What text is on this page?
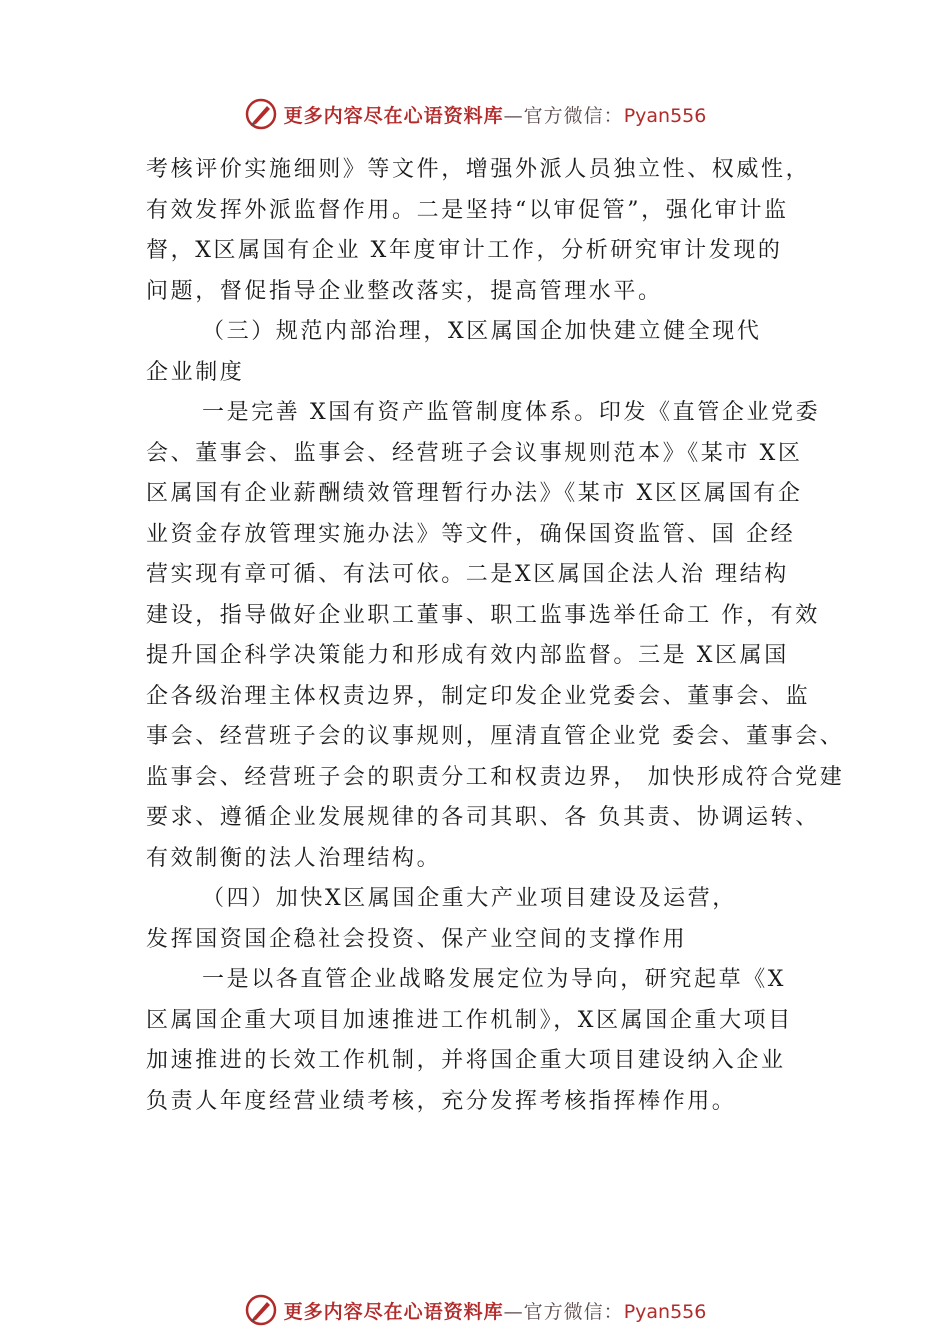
更多内容尽在心语资料库—官方微信：Pyan556
考核评价实施细则》等文件，增强外派人员独立性、权威性，
有效发挥外派监督作用。二是坚持“以审促管”，强化审计监
督，X区属国有企业 X年度审计工作，分析研究审计发现的
问题，督促指导企业整改落实，提高管理水平。
（三）规范内部治理，X区属国企加快建立健全现代
企业制度
一是完善 X国有资产监管制度体系。印发《直管企业党委
会、董事会、监事会、经营班子会议事规则范本》《某市 X区
区属国有企业薪酬绩效管理暂行办法》《某市 X区区属国有企
业资金存放管理实施办法》等文件，确保国资监管、国 企经
营实现有章可循、有法可依。二是X区属国企法人治 理结构
建设，指导做好企业职工董事、职工监事选举任命工 作，有效
提升国企科学决策能力和形成有效内部监督。三是 X区属国
企各级治理主体权责边界，制定印发企业党委会、董事会、监
事会、经营班子会的议事规则，厘清直管企业党 委会、董事会、
监事会、经营班子会的职责分工和权责边界， 加快形成符合党建
要求、遵循企业发展规律的各司其职、各 负其责、协调运转、
有效制衡的法人治理结构。
（四）加快X区属国企重大产业项目建设及运营，
发挥国资国企稳社会投资、保产业空间的支撑作用
一是以各直管企业战略发展定位为导向，研究起草《X
区属国企重大项目加速推进工作机制》，X区属国企重大项目
加速推进的长效工作机制，并将国企重大项目建设纳入企业
负责人年度经营业绩考核，充分发挥考核指挥棒作用。
更多内容尽在心语资料库—官方微信：Pyan556
